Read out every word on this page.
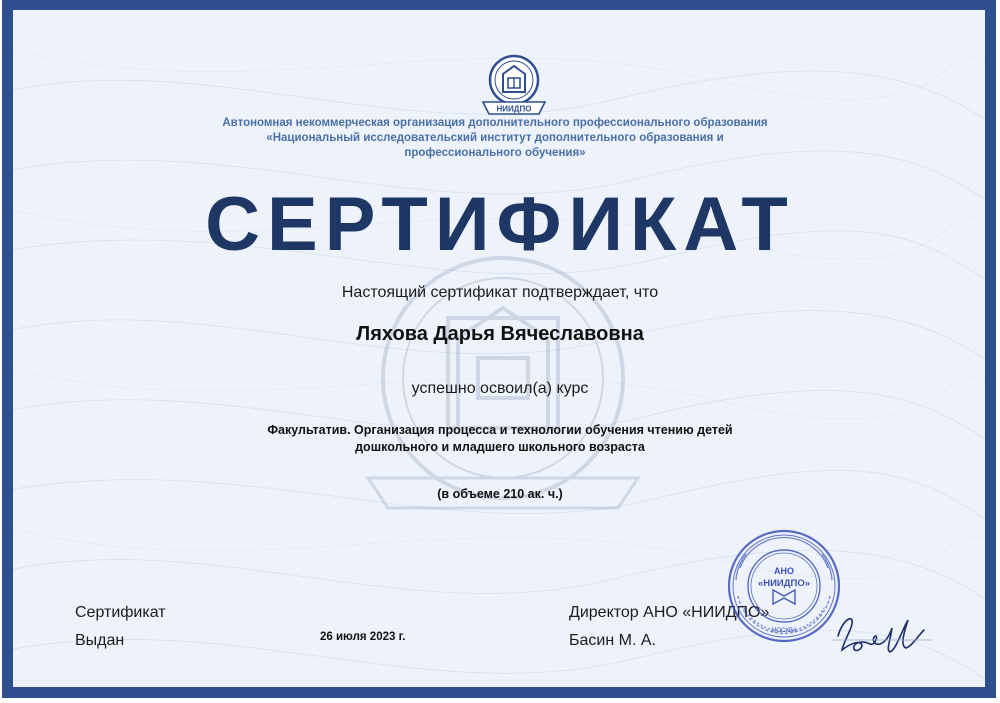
НИИДПО
Автономная некоммерческая организация дополнительного профессионального образования
«Национальный исследовательский институт дополнительного образования и
профессионального обучения»
СЕРТИФИКАТ
Настоящий сертификат подтверждает, что
Ляхова Дарья Вячеславовна
успешно освоил(а) курс
Факультатив. Организация процесса и технологии обучения чтению детей
дошкольного и младшего школьного возраста
(в объеме 210 ак. ч.)
Сертификат
Выдан	26 июля 2023 г.
Директор АНО «НИИДПО»
Басин М. А.
АНО
«НИИДПО»
МОСКВА
